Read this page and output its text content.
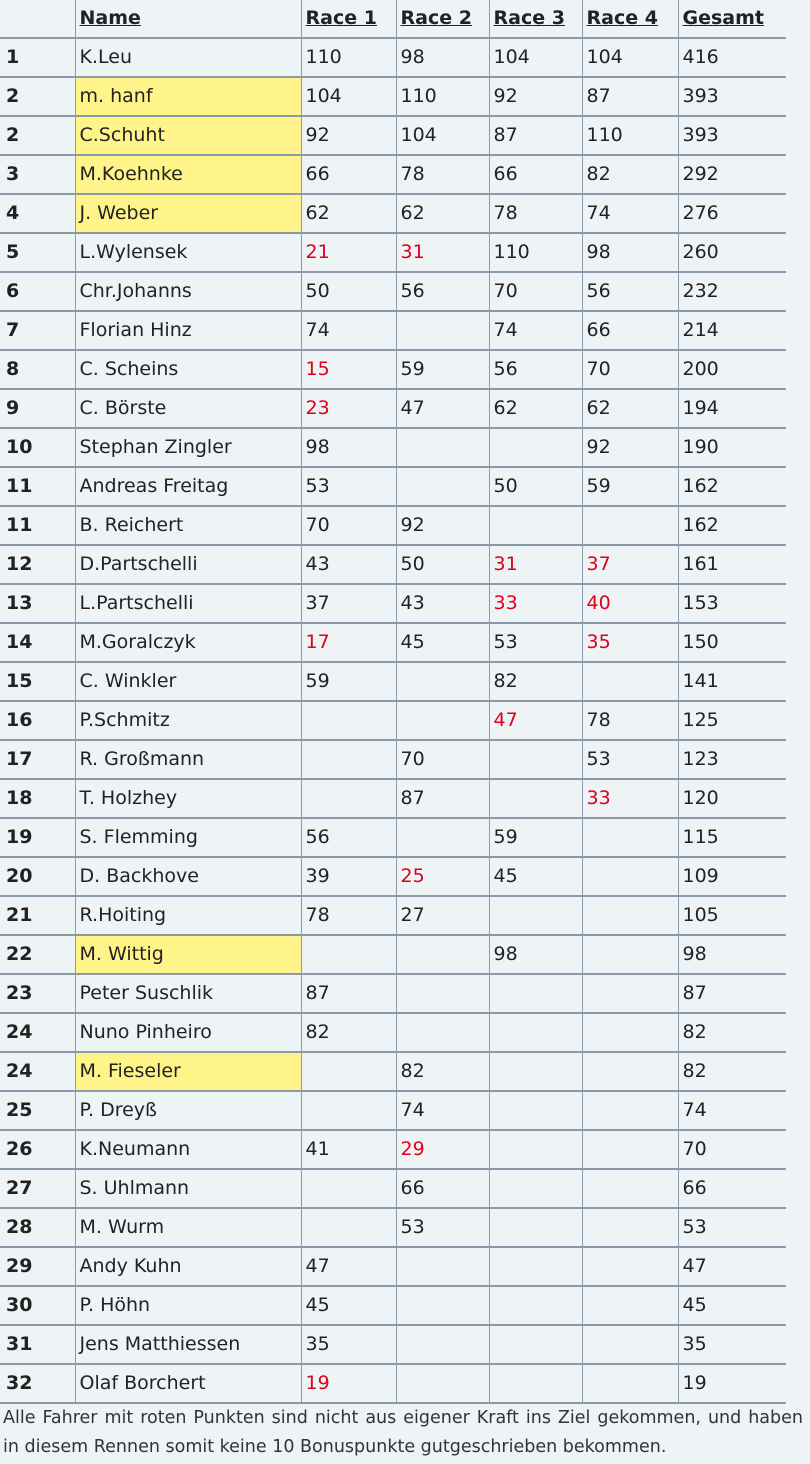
	Name	Race 1	Race 2	Race 3	Race 4	Gesamt
1	K.Leu	110	98	104	104	416
2	m. hanf	104	110	92	87	393
2	C.Schuht	92	104	87	110	393
3	M.Koehnke	66	78	66	82	292
4	J. Weber	62	62	78	74	276
5	L.Wylensek	21	31	110	98	260
6	Chr.Johanns	50	56	70	56	232
7	Florian Hinz	74		74	66	214
8	C. Scheins	15	59	56	70	200
9	C. Börste	23	47	62	62	194
10	Stephan Zingler	98			92	190
11	Andreas Freitag	53		50	59	162
11	B. Reichert	70	92			162
12	D.Partschelli	43	50	31	37	161
13	L.Partschelli	37	43	33	40	153
14	M.Goralczyk	17	45	53	35	150
15	C. Winkler	59		82		141
16	P.Schmitz			47	78	125
17	R. Großmann		70		53	123
18	T. Holzhey		87		33	120
19	S. Flemming	56		59		115
20	D. Backhove	39	25	45		109
21	R.Hoiting	78	27			105
22	M. Wittig			98		98
23	Peter Suschlik	87				87
24	Nuno Pinheiro	82				82
24	M. Fieseler		82			82
25	P. Dreyß		74			74
26	K.Neumann	41	29			70
27	S. Uhlmann		66			66
28	M. Wurm		53			53
29	Andy Kuhn	47				47
30	P. Höhn	45				45
31	Jens Matthiessen	35				35
32	Olaf Borchert	19				19
Alle Fahrer mit roten Punkten sind nicht aus eigener Kraft ins Ziel gekommen, und haben in diesem Rennen somit keine 10 Bonuspunkte gutgeschrieben bekommen.
